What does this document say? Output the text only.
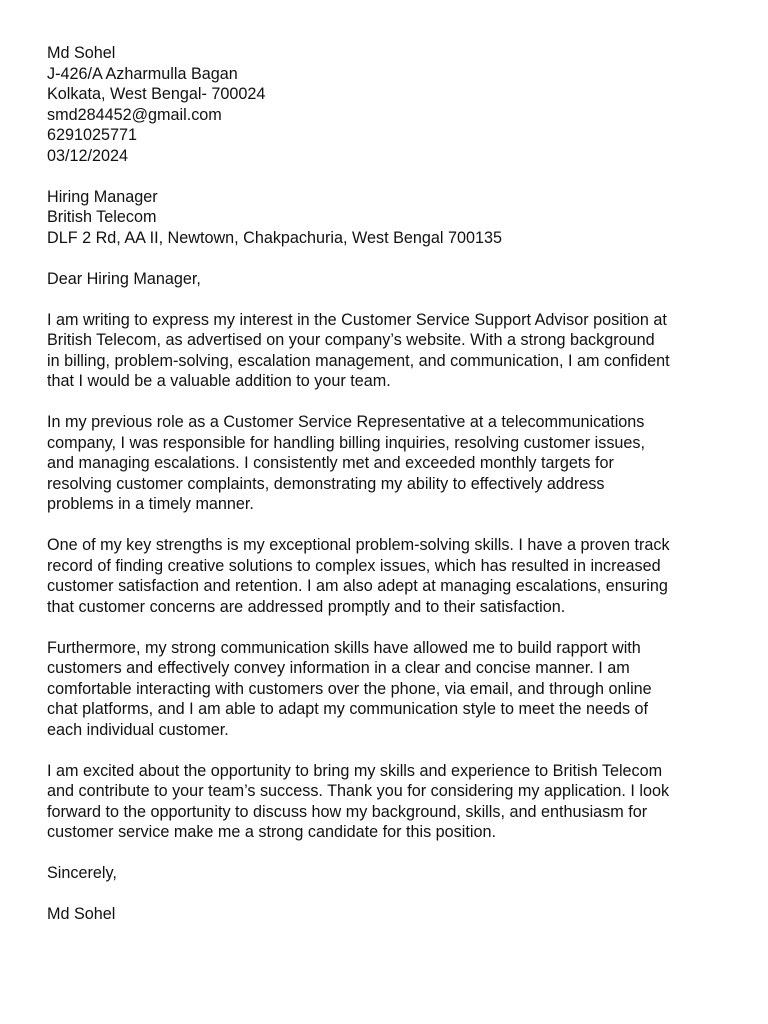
Md Sohel
J-426/A Azharmulla Bagan
Kolkata, West Bengal- 700024
smd284452@gmail.com
6291025771
03/12/2024
Hiring Manager
British Telecom
DLF 2 Rd, AA II, Newtown, Chakpachuria, West Bengal 700135
Dear Hiring Manager,
I am writing to express my interest in the Customer Service Support Advisor position at
British Telecom, as advertised on your company’s website. With a strong background
in billing, problem-solving, escalation management, and communication, I am confident
that I would be a valuable addition to your team.
In my previous role as a Customer Service Representative at a telecommunications
company, I was responsible for handling billing inquiries, resolving customer issues,
and managing escalations. I consistently met and exceeded monthly targets for
resolving customer complaints, demonstrating my ability to effectively address
problems in a timely manner.
One of my key strengths is my exceptional problem-solving skills. I have a proven track
record of finding creative solutions to complex issues, which has resulted in increased
customer satisfaction and retention. I am also adept at managing escalations, ensuring
that customer concerns are addressed promptly and to their satisfaction.
Furthermore, my strong communication skills have allowed me to build rapport with
customers and effectively convey information in a clear and concise manner. I am
comfortable interacting with customers over the phone, via email, and through online
chat platforms, and I am able to adapt my communication style to meet the needs of
each individual customer.
I am excited about the opportunity to bring my skills and experience to British Telecom
and contribute to your team’s success. Thank you for considering my application. I look
forward to the opportunity to discuss how my background, skills, and enthusiasm for
customer service make me a strong candidate for this position.
Sincerely,
Md Sohel
